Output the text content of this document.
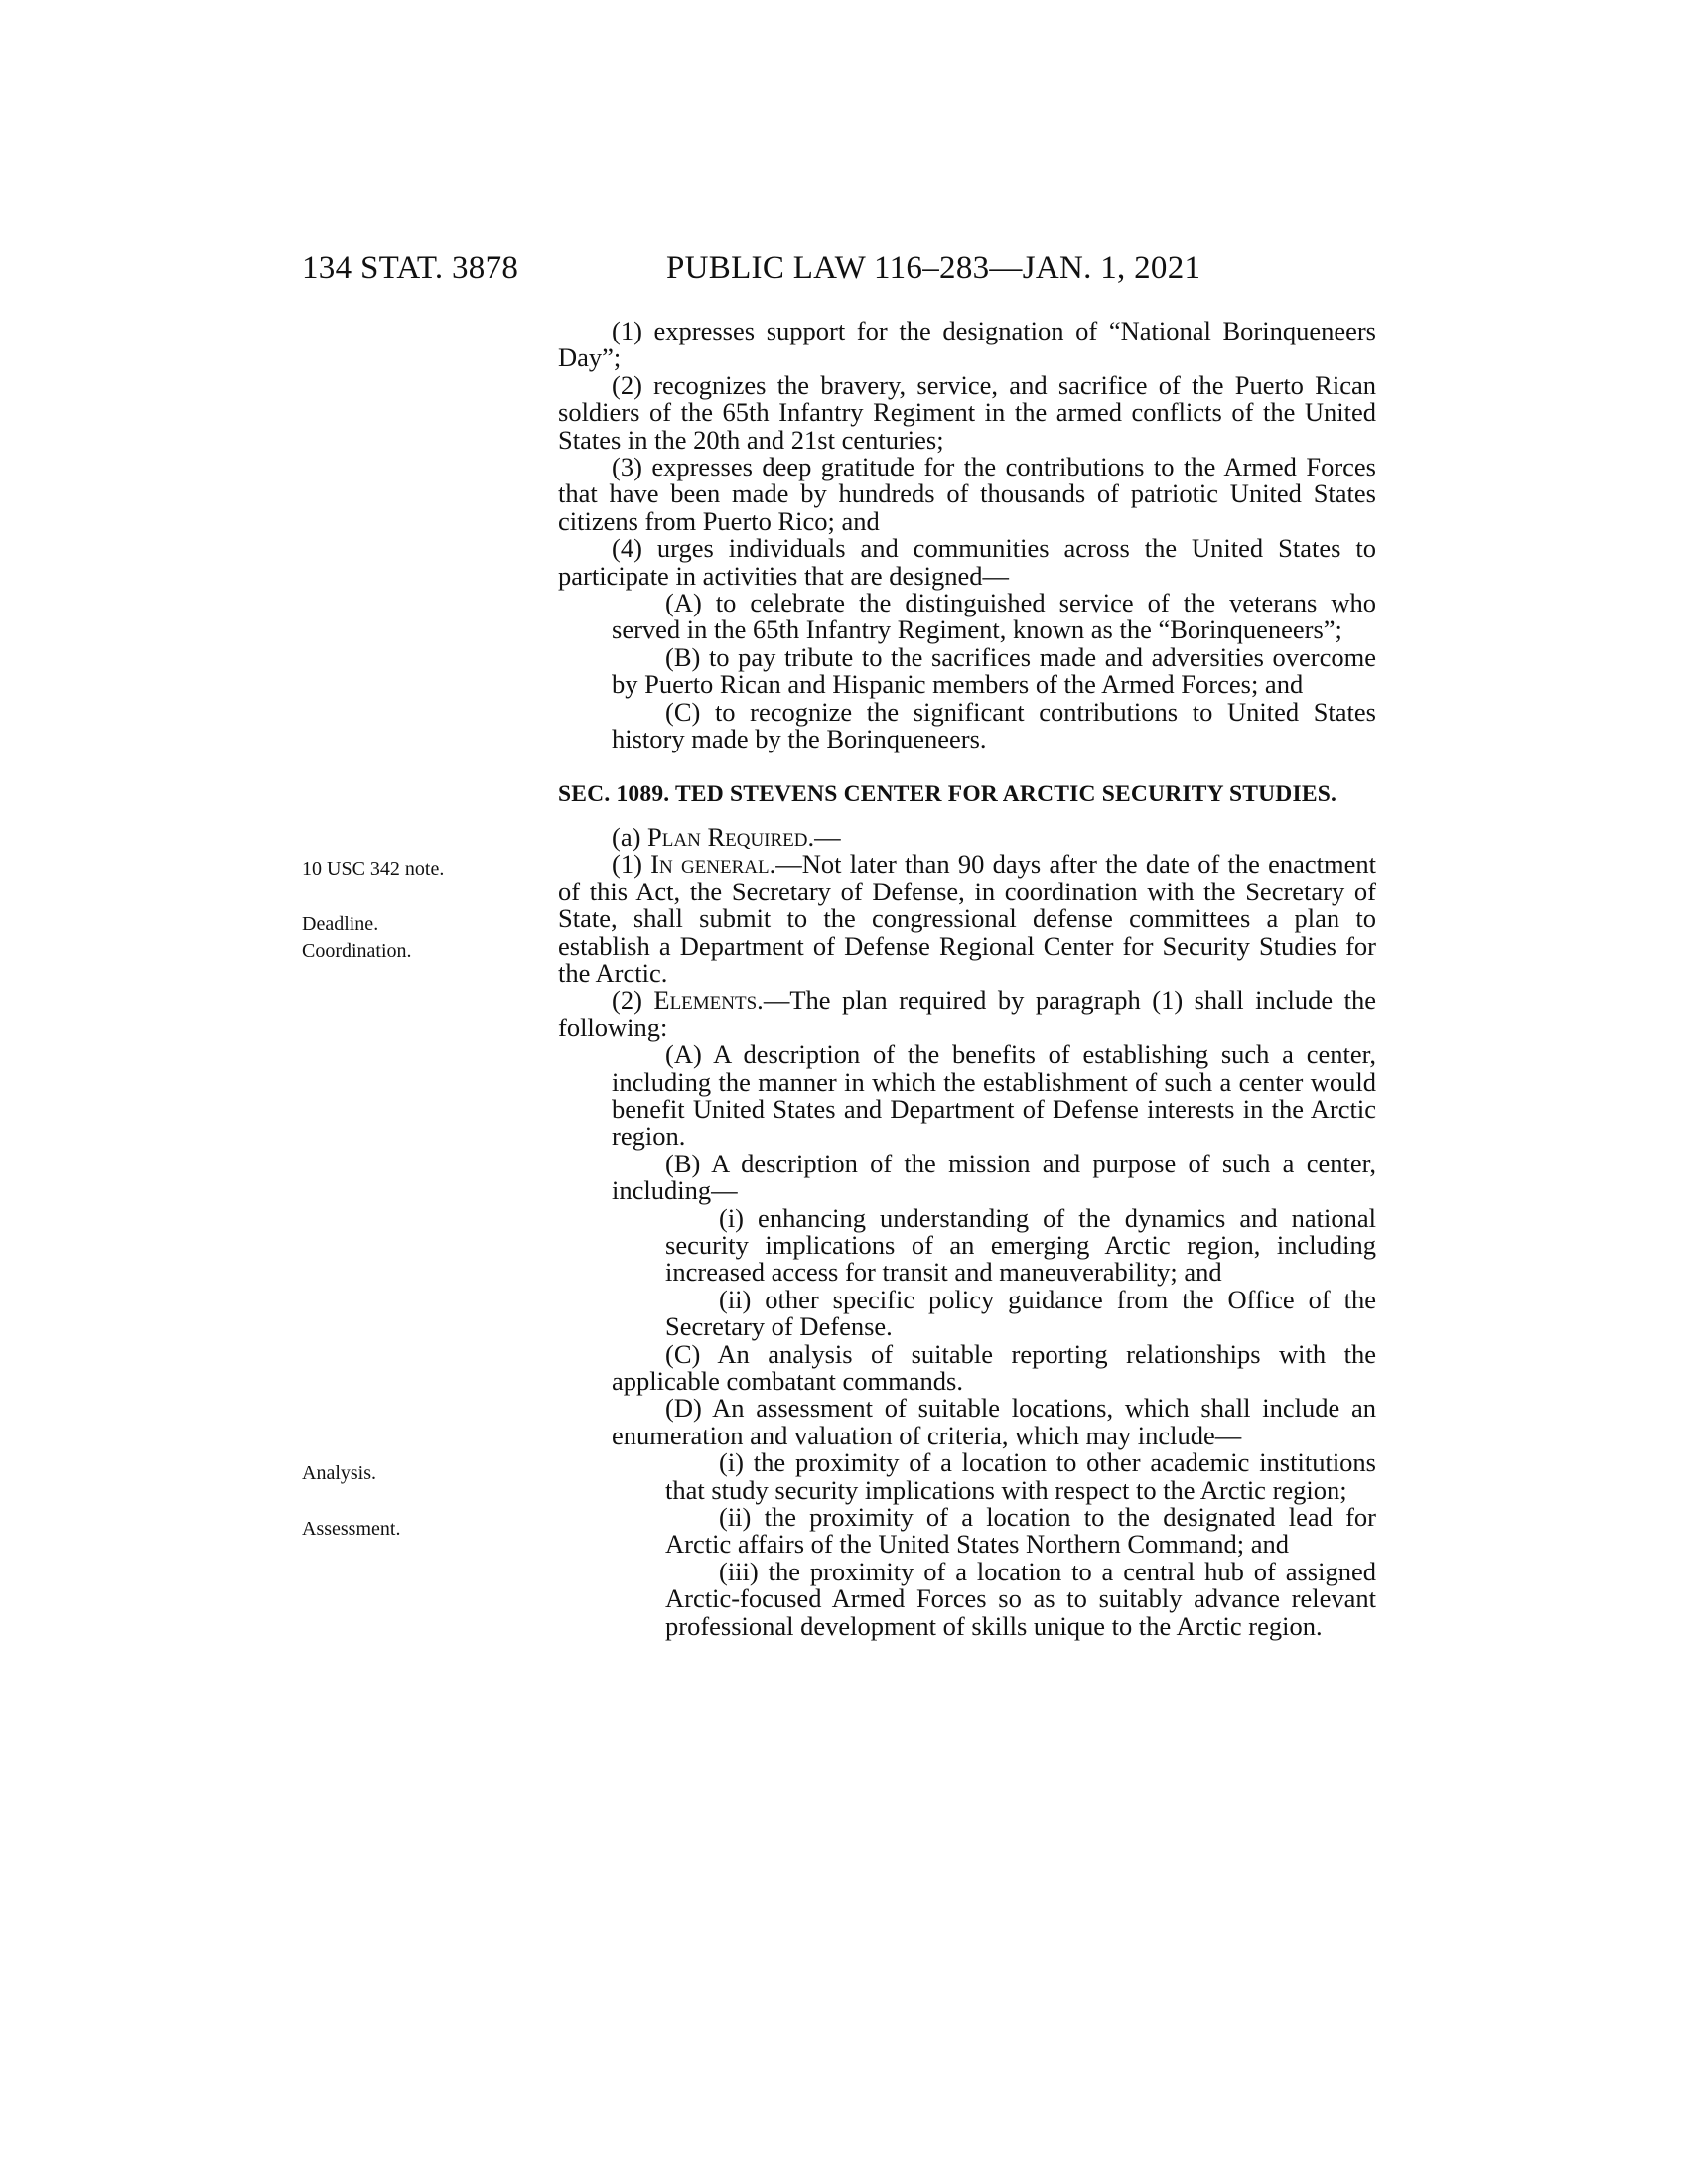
134 STAT. 3878	PUBLIC LAW 116–283—JAN. 1, 2021
10 USC 342 note.
Deadline.
Coordination.
Analysis.
Assessment.

(1) expresses support for the designation of “National Borinqueneers Day”;

(2) recognizes the bravery, service, and sacrifice of the Puerto Rican soldiers of the 65th Infantry Regiment in the armed conflicts of the United States in the 20th and 21st centuries;

(3) expresses deep gratitude for the contributions to the Armed Forces that have been made by hundreds of thousands of patriotic United States citizens from Puerto Rico; and

(4) urges individuals and communities across the United States to participate in activities that are designed—

(A) to celebrate the distinguished service of the veterans who served in the 65th Infantry Regiment, known as the “Borinqueneers”;

(B) to pay tribute to the sacrifices made and adversities overcome by Puerto Rican and Hispanic members of the Armed Forces; and

(C) to recognize the significant contributions to United States history made by the Borinqueneers.

SEC. 1089. TED STEVENS CENTER FOR ARCTIC SECURITY STUDIES.

(a) Plan Required.—

(1) In general.—Not later than 90 days after the date of the enactment of this Act, the Secretary of Defense, in coordination with the Secretary of State, shall submit to the congressional defense committees a plan to establish a Department of Defense Regional Center for Security Studies for the Arctic.

(2) Elements.—The plan required by paragraph (1) shall include the following:

(A) A description of the benefits of establishing such a center, including the manner in which the establishment of such a center would benefit United States and Department of Defense interests in the Arctic region.

(B) A description of the mission and purpose of such a center, including—

(i) enhancing understanding of the dynamics and national security implications of an emerging Arctic region, including increased access for transit and maneuverability; and

(ii) other specific policy guidance from the Office of the Secretary of Defense.

(C) An analysis of suitable reporting relationships with the applicable combatant commands.

(D) An assessment of suitable locations, which shall include an enumeration and valuation of criteria, which may include—

(i) the proximity of a location to other academic institutions that study security implications with respect to the Arctic region;

(ii) the proximity of a location to the designated lead for Arctic affairs of the United States Northern Command; and

(iii) the proximity of a location to a central hub of assigned Arctic-focused Armed Forces so as to suitably advance relevant professional development of skills unique to the Arctic region.
